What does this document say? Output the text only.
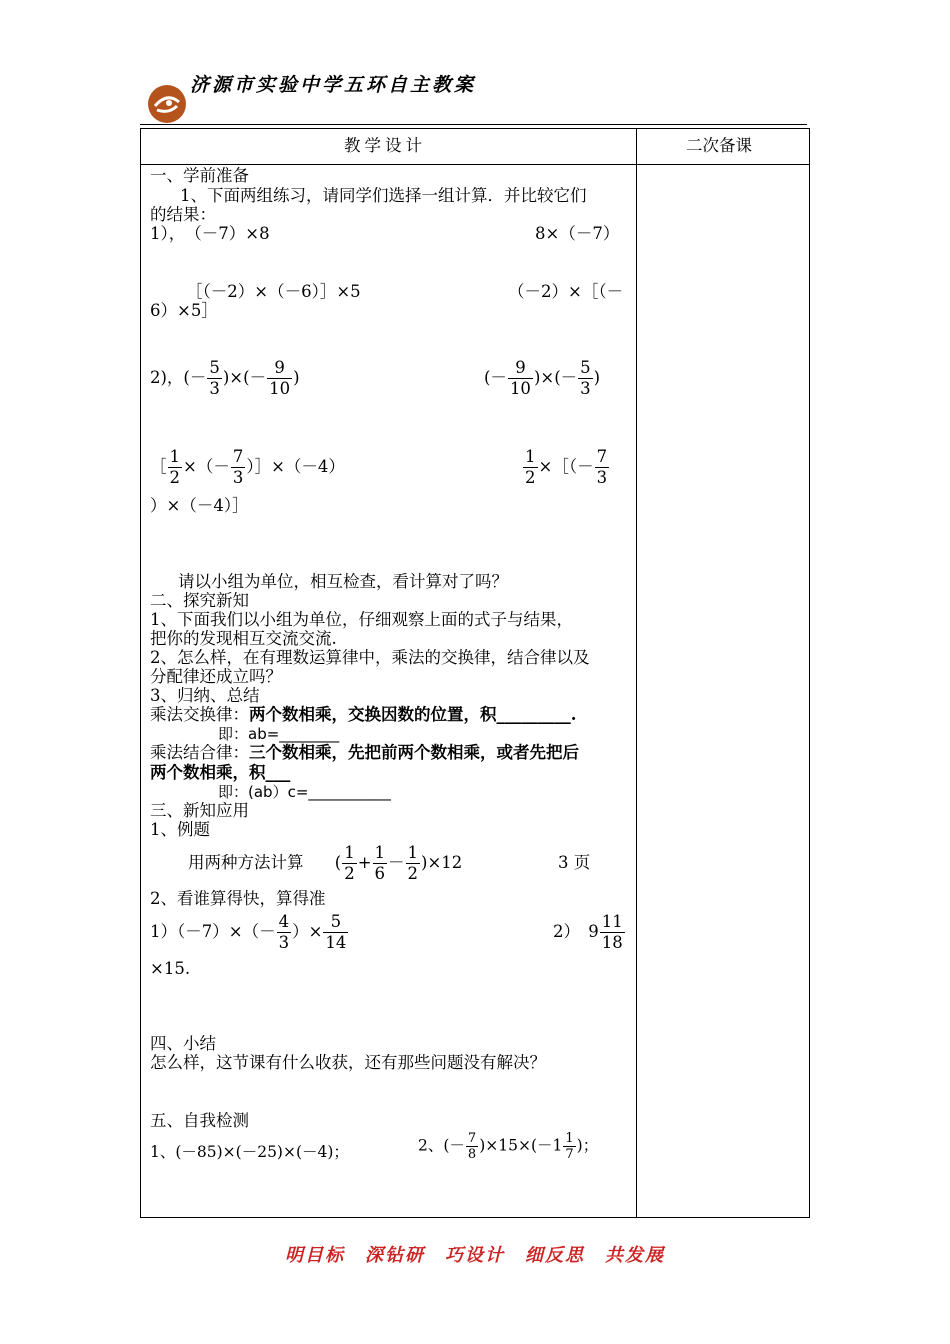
济源市实验中学五环自主教案
教学设计	二次备课
一、学前准备
1、下面两组练习，请同学们选择一组计算．并比较它们
的结果：
1），　（－7）×8	8×（－7）
［（－2）×（－6）］×5	（－2）×［（－
6）×5］
2)，(－ $\frac{5}{3}$ )×(－ $\frac{9}{10}$ )	(－ $\frac{9}{10}$ )×(－ $\frac{5}{3}$ )
［ $\frac{1}{2}$ ×（－ $\frac{7}{3}$ ）］×（－4）	$\frac{1}{2}$ ×［（－ $\frac{7}{3}$
）×（－4）］
请以小组为单位，相互检查，看计算对了吗？
二、探究新知
1、下面我们以小组为单位，仔细观察上面的式子与结果，
把你的发现相互交流交流.
2、怎么样，在有理数运算律中，乘法的交换律，结合律以及
分配律还成立吗？
3、归纳、总结
乘法交换律：两个数相乘，交换因数的位置，积_________.
即：ab=________
乘法结合律：三个数相乘，先把前两个数相乘，或者先把后
两个数相乘，积___
即：(ab）c=___________
三、新知应用
1、例题
用两种方法计算 ( $\frac{1}{2} + \frac{1}{6} - \frac{1}{2} )\times 12$	3 页
2、看谁算得快，算得准
$1)(-7)\times(- \frac{4}{3}$ ）× $\frac{5}{14}$	2）　$9 \frac{11}{18}$
×15.
四、小结
怎么样，这节课有什么收获，还有那些问题没有解决？
五、自我检测
1、(－85)×(－25)×(－4)；	2、(－ $\frac{7}{8} )\times 15\times(-1 \frac{1}{7}$ )；
明目标　深钻研　巧设计　细反思　共发展
